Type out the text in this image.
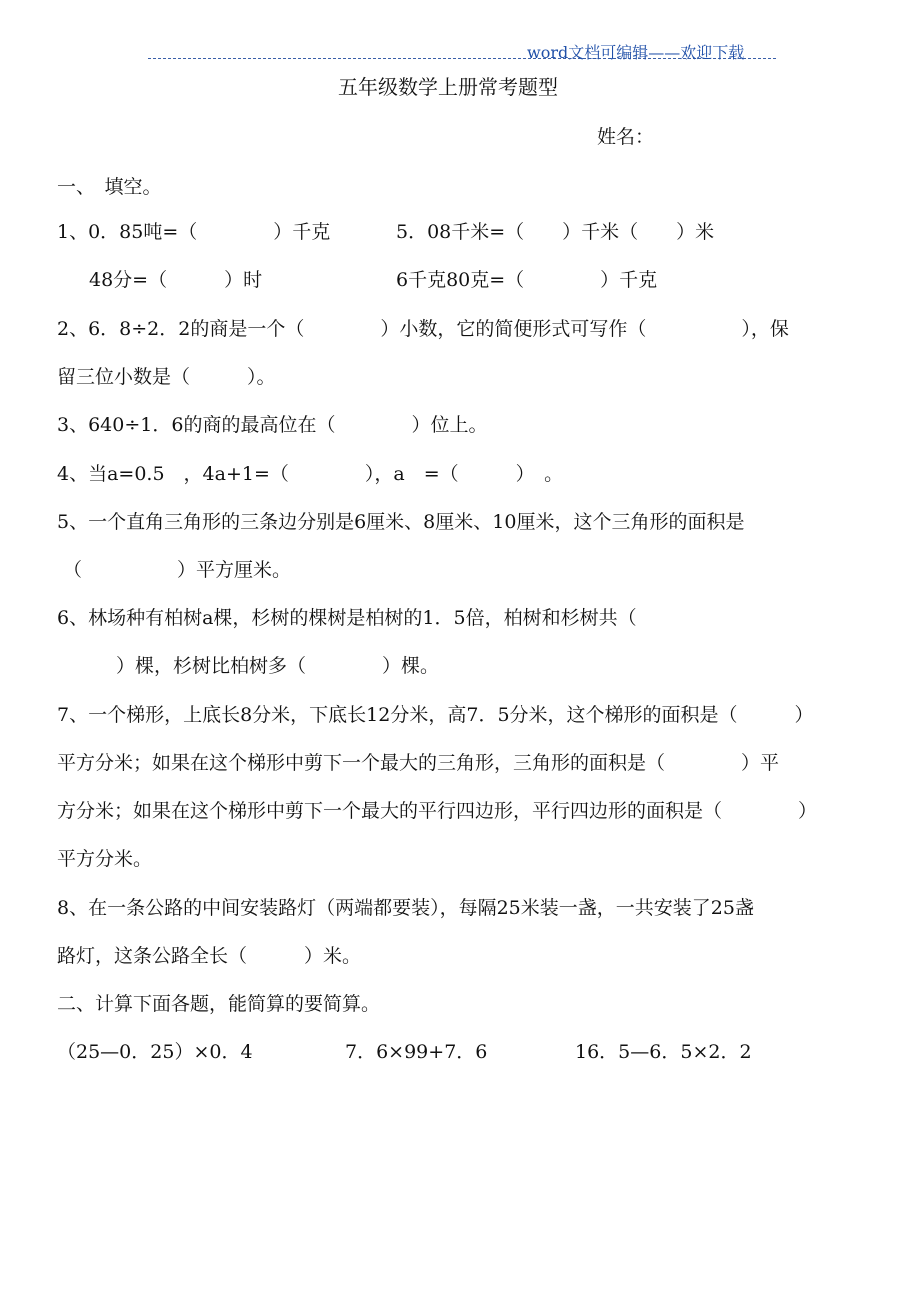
word文档可编辑——欢迎下载
五年级数学上册常考题型
姓名：
一、　填空。
1、0．85吨=（　　　　）千克	5．08千米=（　　）千米（　　）米
48分=（　　　）时	6千克80克=（　　　　）千克
2、6．8÷2．2的商是一个（　　　　）小数，它的简便形式可写作（　　　　　），保
留三位小数是（　　　）。
3、640÷1．6的商的最高位在（　　　　）位上。
4、当a=0.5　，4a+1=（　　　　），a　=（　　　）　。
5、一个直角三角形的三条边分别是6厘米、8厘米、10厘米，这个三角形的面积是
（　　　　　）平方厘米。
6、林场种有柏树a棵，杉树的棵树是柏树的1．5倍，柏树和杉树共（
　　）棵，杉树比柏树多（　　　　）棵。
7、一个梯形，上底长8分米，下底长12分米，高7．5分米，这个梯形的面积是（　　　）
平方分米；如果在这个梯形中剪下一个最大的三角形，三角形的面积是（　　　　）平
方分米；如果在这个梯形中剪下一个最大的平行四边形，平行四边形的面积是（　　　　）
平方分米。
8、在一条公路的中间安装路灯（两端都要装），每隔25米装一盏，一共安装了25盏
路灯，这条公路全长（　　　）米。
二、计算下面各题，能简算的要简算。
（25—0．25）×0．4	7．6×99+7．6	16．5—6．5×2．2
